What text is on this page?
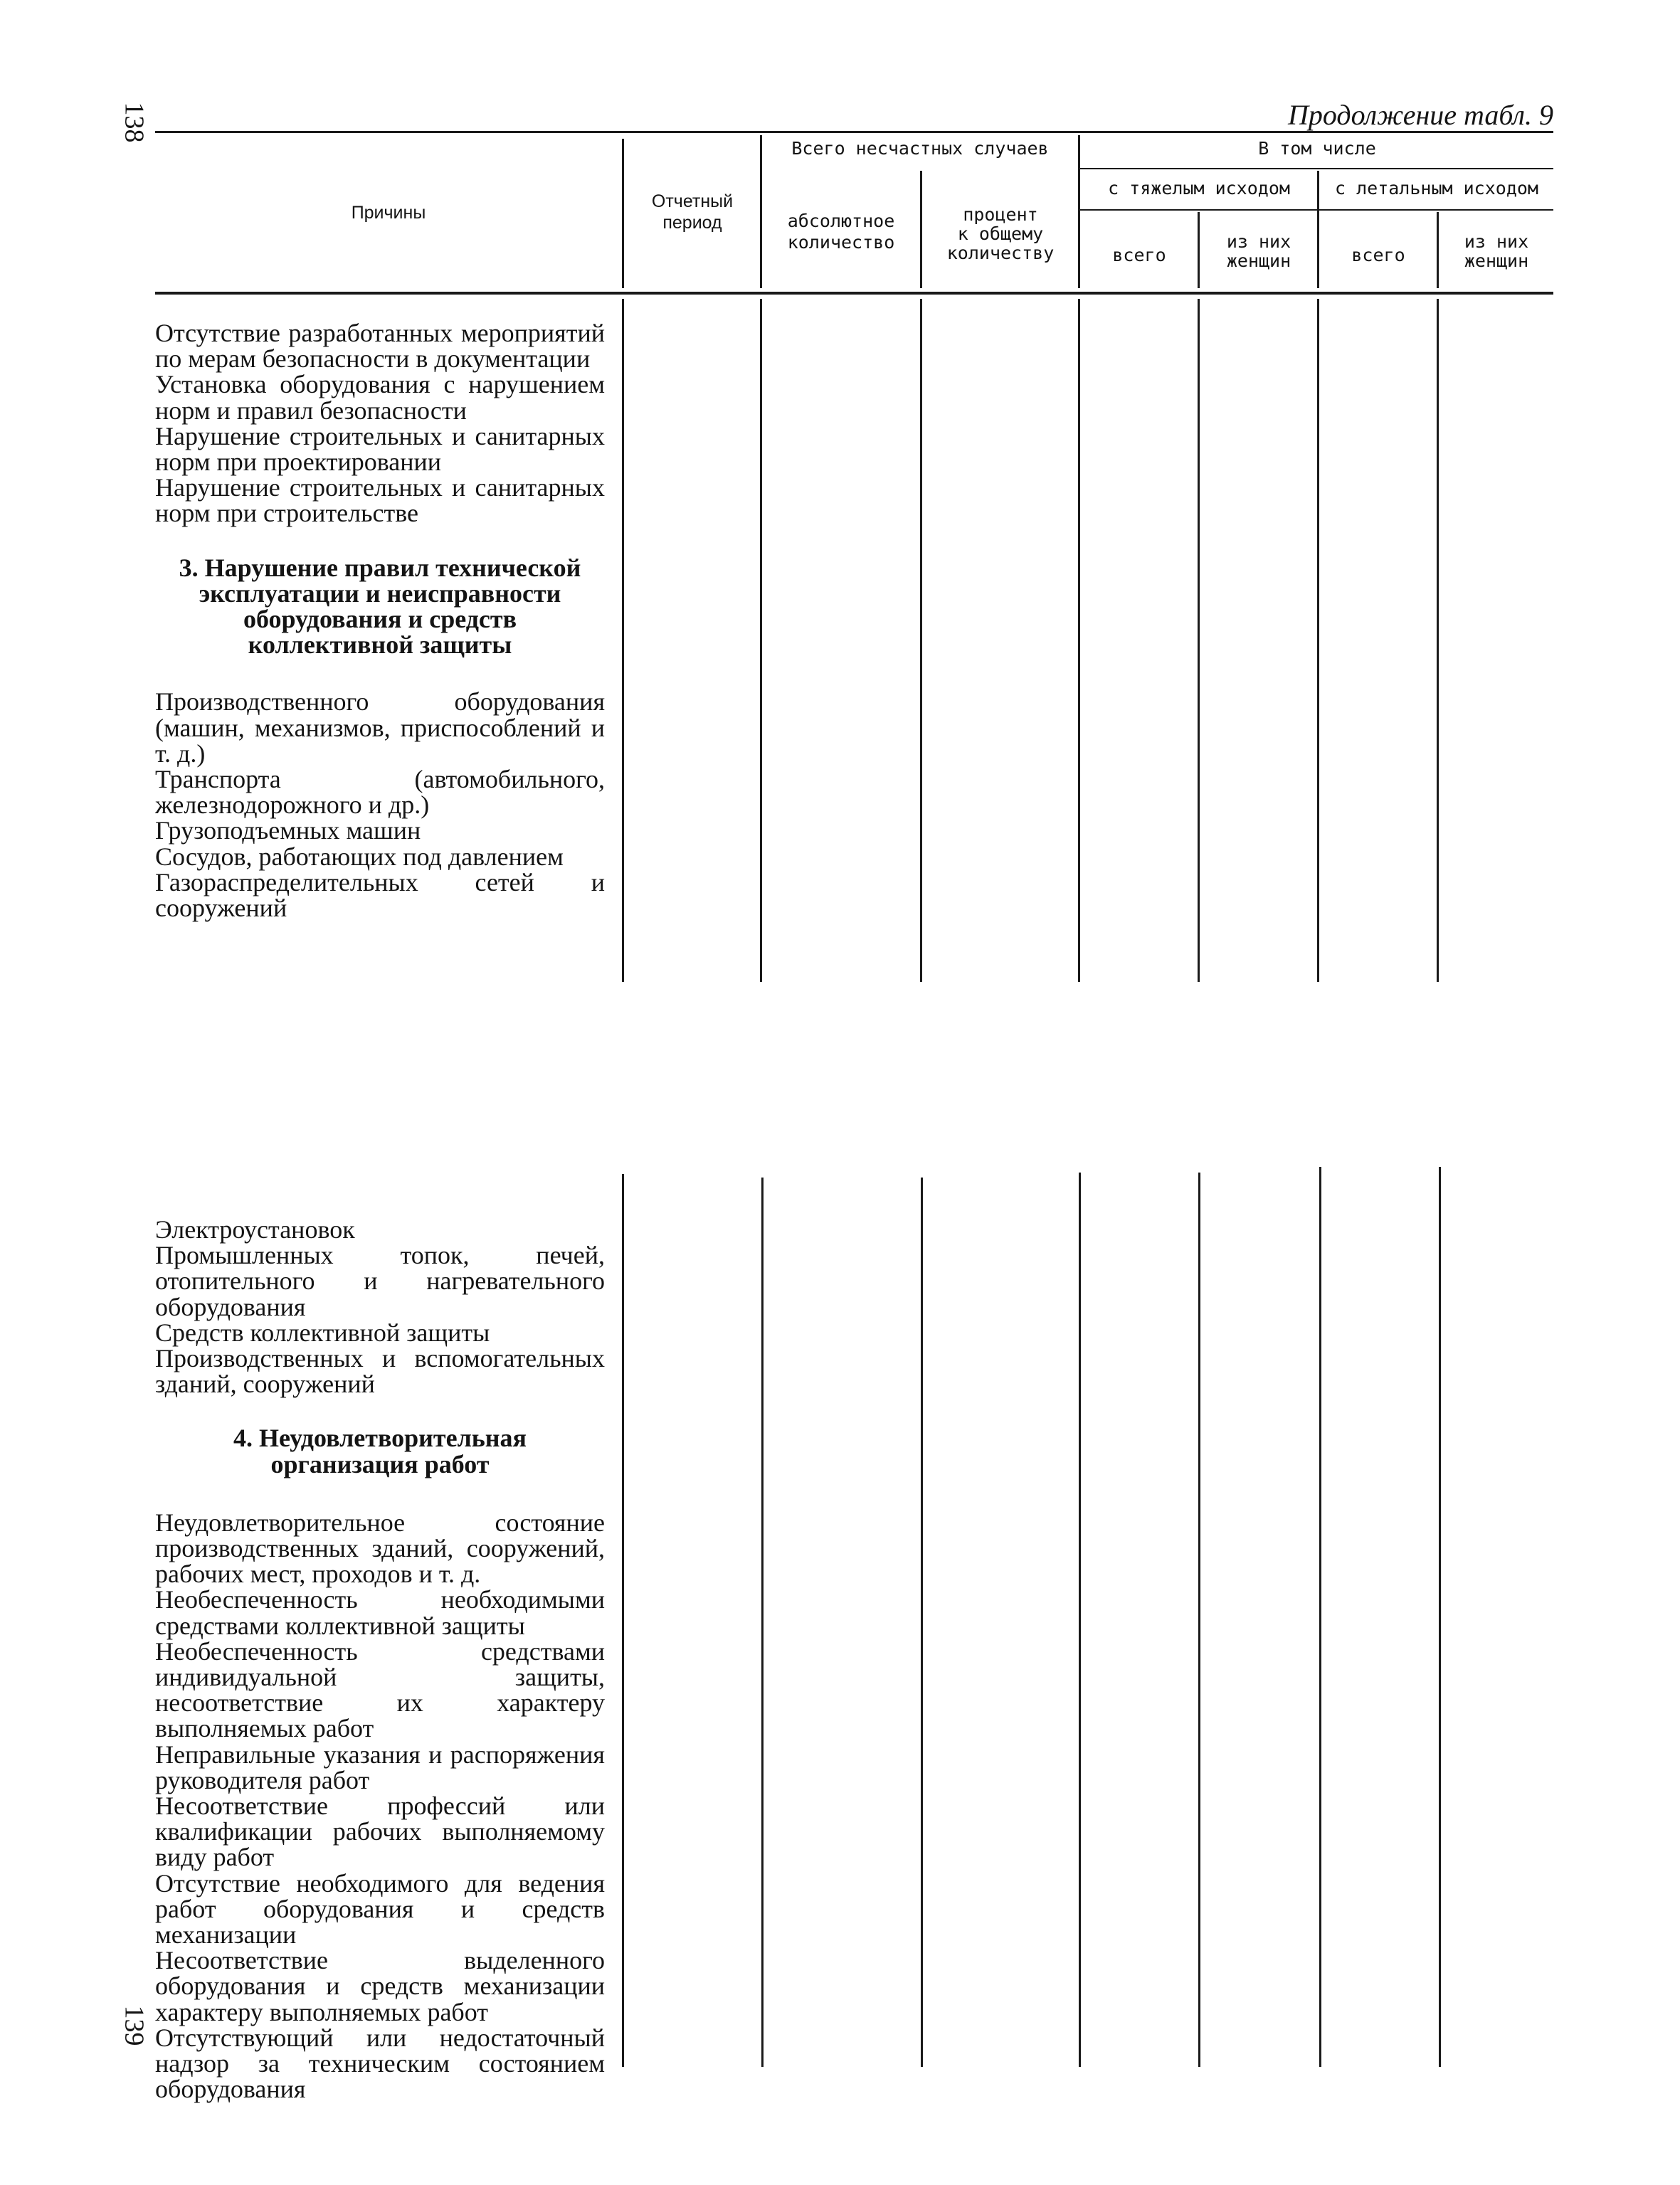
138
139
Продолжение табл. 9
Причины
Отчетный
период
Всего несчастных случаев
абсолютное
количество
процент
к общему
количеству
В том числе
с тяжелым исходом	с летальным исходом
всего
из них
женщин	всего
из них
женщин
Отсутствие разработанных мероприятий по мерам безопасности в документации
Установка оборудования с нарушением норм и правил безопасности
Нарушение строительных и санитарных норм при проектировании
Нарушение строительных и санитарных норм при строительстве
3. Нарушение правил технической эксплуатации и неисправности оборудования и средств коллективной защиты
Производственного оборудования (машин, механизмов, приспособлений и т. д.)
Транспорта (автомобильного, железнодорожного и др.)
Грузоподъемных машин
Сосудов, работающих под давлением
Газораспределительных сетей и сооружений
Электроустановок
Промышленных топок, печей, отопительного и нагревательного оборудования
Средств коллективной защиты
Производственных и вспомогательных зданий, сооружений
4. Неудовлетворительная организация работ
Неудовлетворительное состояние производственных зданий, сооружений, рабочих мест, проходов и т. д.
Необеспеченность необходимыми средствами коллективной защиты
Необеспеченность средствами индивидуальной защиты, несоответствие их характеру выполняемых работ
Неправильные указания и распоряжения руководителя работ
Несоответствие профессий или квалификации рабочих выполняемому виду работ
Отсутствие необходимого для ведения работ оборудования и средств механизации
Несоответствие выделенного оборудования и средств механизации характеру выполняемых работ
Отсутствующий или недостаточный надзор за техническим состоянием оборудования
